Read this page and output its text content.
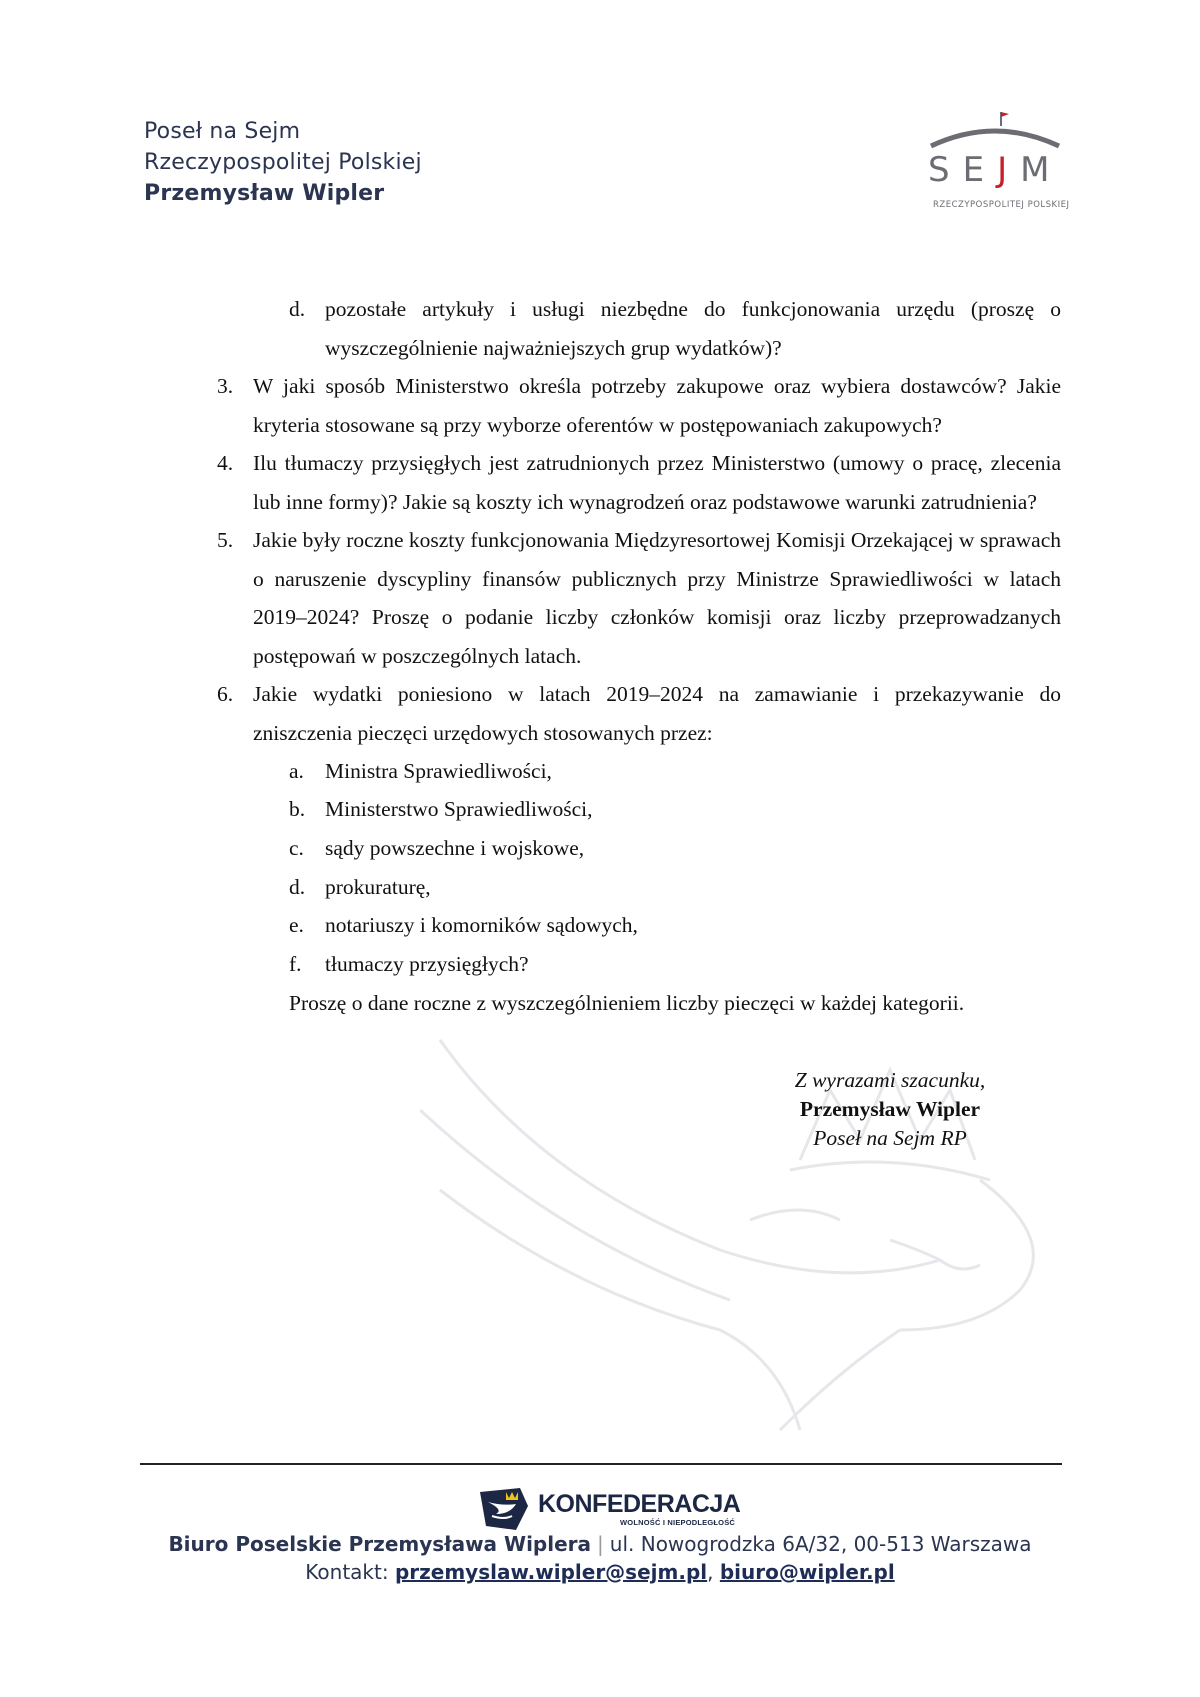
Poseł na Sejm
Rzeczypospolitej Polskiej
Przemysław Wipler
SEJM
RZECZYPOSPOLITEJ POLSKIEJ
d. pozostałe artykuły i usługi niezbędne do funkcjonowania urzędu (proszę o wyszczególnienie najważniejszych grup wydatków)?
3. W jaki sposób Ministerstwo określa potrzeby zakupowe oraz wybiera dostawców? Jakie kryteria stosowane są przy wyborze oferentów w postępowaniach zakupowych?
4. Ilu tłumaczy przysięgłych jest zatrudnionych przez Ministerstwo (umowy o pracę, zlecenia lub inne formy)? Jakie są koszty ich wynagrodzeń oraz podstawowe warunki zatrudnienia?
5. Jakie były roczne koszty funkcjonowania Międzyresortowej Komisji Orzekającej w sprawach o naruszenie dyscypliny finansów publicznych przy Ministrze Sprawiedliwości w latach 2019–2024? Proszę o podanie liczby członków komisji oraz liczby przeprowadzanych postępowań w poszczególnych latach.
6. Jakie wydatki poniesiono w latach 2019–2024 na zamawianie i przekazywanie do zniszczenia pieczęci urzędowych stosowanych przez:
a. Ministra Sprawiedliwości,
b. Ministerstwo Sprawiedliwości,
c. sądy powszechne i wojskowe,
d. prokuraturę,
e. notariuszy i komorników sądowych,
f. tłumaczy przysięgłych?
Proszę o dane roczne z wyszczególnieniem liczby pieczęci w każdej kategorii.
Z wyrazami szacunku,
Przemysław Wipler
Poseł na Sejm RP
KONFEDERACJA
WOLNOŚĆ I NIEPODLEGŁOŚĆ
Biuro Poselskie Przemysława Wiplera | ul. Nowogrodzka 6A/32, 00-513 Warszawa
Kontakt: przemyslaw.wipler@sejm.pl, biuro@wipler.pl
